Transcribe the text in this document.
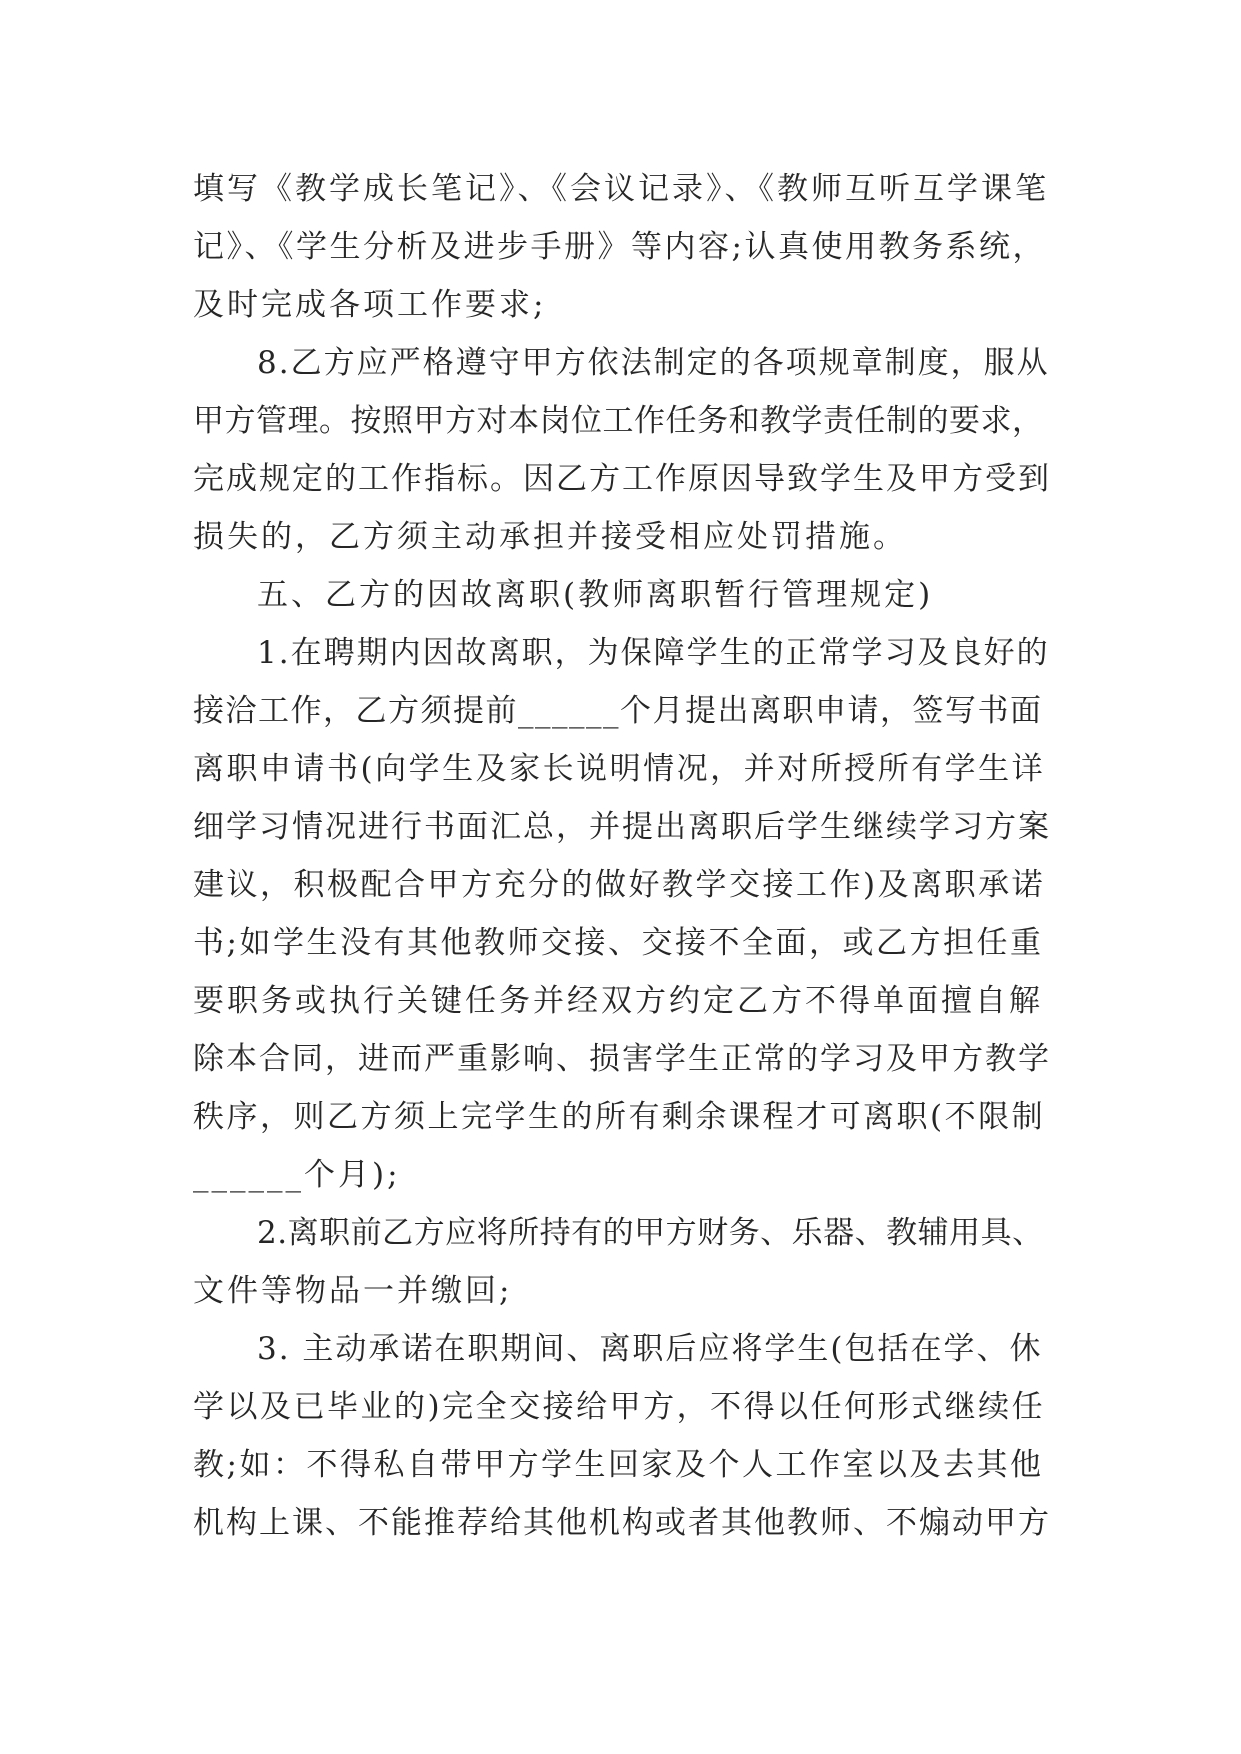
填写《教学成长笔记》、《会议记录》、《教师互听互学课笔
记》、《学生分析及进步手册》等内容;认真使用教务系统，
及时完成各项工作要求;
8.乙方应严格遵守甲方依法制定的各项规章制度，服从
甲方管理。按照甲方对本岗位工作任务和教学责任制的要求，
完成规定的工作指标。因乙方工作原因导致学生及甲方受到
损失的，乙方须主动承担并接受相应处罚措施。
五、乙方的因故离职(教师离职暂行管理规定)
1.在聘期内因故离职，为保障学生的正常学习及良好的
接洽工作，乙方须提前______个月提出离职申请，签写书面
离职申请书(向学生及家长说明情况，并对所授所有学生详
细学习情况进行书面汇总，并提出离职后学生继续学习方案
建议，积极配合甲方充分的做好教学交接工作)及离职承诺
书;如学生没有其他教师交接、交接不全面，或乙方担任重
要职务或执行关键任务并经双方约定乙方不得单面擅自解
除本合同，进而严重影响、损害学生正常的学习及甲方教学
秩序，则乙方须上完学生的所有剩余课程才可离职(不限制
______个月);
2.离职前乙方应将所持有的甲方财务、乐器、教辅用具、
文件等物品一并缴回;
3. 主动承诺在职期间、离职后应将学生(包括在学、休
学以及已毕业的)完全交接给甲方，不得以任何形式继续任
教;如：不得私自带甲方学生回家及个人工作室以及去其他
机构上课、不能推荐给其他机构或者其他教师、不煽动甲方
